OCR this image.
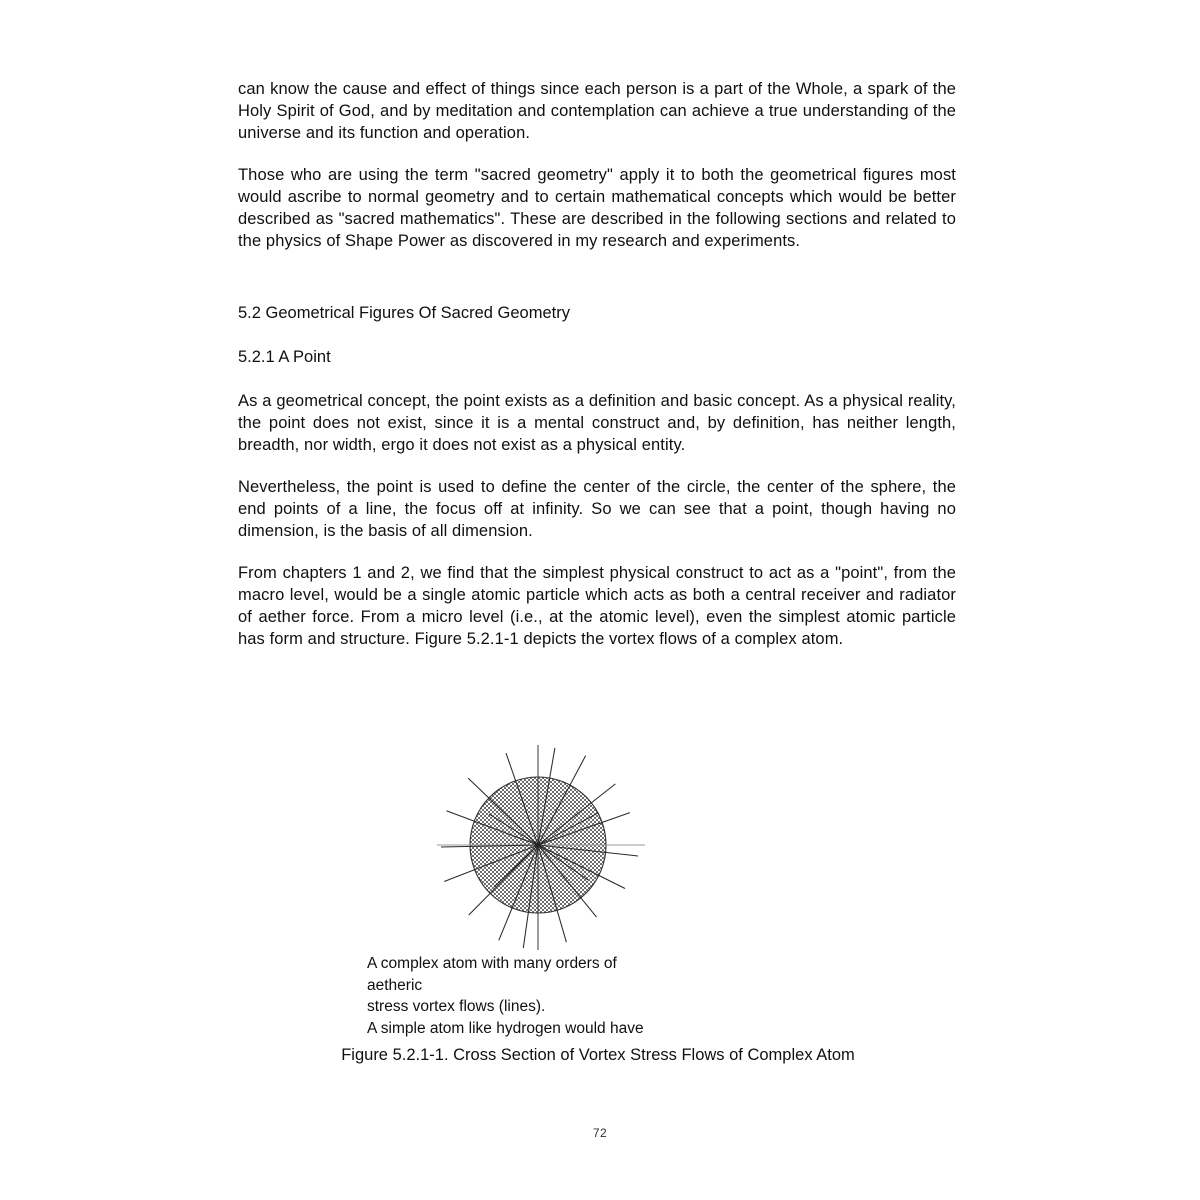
can know the cause and effect of things since each person is a part of the Whole, a spark of the Holy Spirit of God, and by meditation and contemplation can achieve a true understanding of the universe and its function and operation.

Those who are using the term "sacred geometry" apply it to both the geometrical figures most would ascribe to normal geometry and to certain mathematical concepts which would be better described as "sacred mathematics". These are described in the following sections and related to the physics of Shape Power as discovered in my research and experiments.

5.2 Geometrical Figures Of Sacred Geometry
5.2.1 A Point

As a geometrical concept, the point exists as a definition and basic concept. As a physical reality, the point does not exist, since it is a mental construct and, by definition, has neither length, breadth, nor width, ergo it does not exist as a physical entity.

Nevertheless, the point is used to define the center of the circle, the center of the sphere, the end points of a line, the focus off at infinity. So we can see that a point, though having no dimension, is the basis of all dimension.

From chapters 1 and 2, we find that the simplest physical construct to act as a "point", from the macro level, would be a single atomic particle which acts as both a central receiver and radiator of aether force. From a micro level (i.e., at the atomic level), even the simplest atomic particle has form and structure. Figure 5.2.1-1 depicts the vortex flows of a complex atom.

A complex atom with many orders of
aetheric
stress vortex flows (lines).
A simple atom like hydrogen would have
Figure 5.2.1-1. Cross Section of Vortex Stress Flows of Complex Atom
72
